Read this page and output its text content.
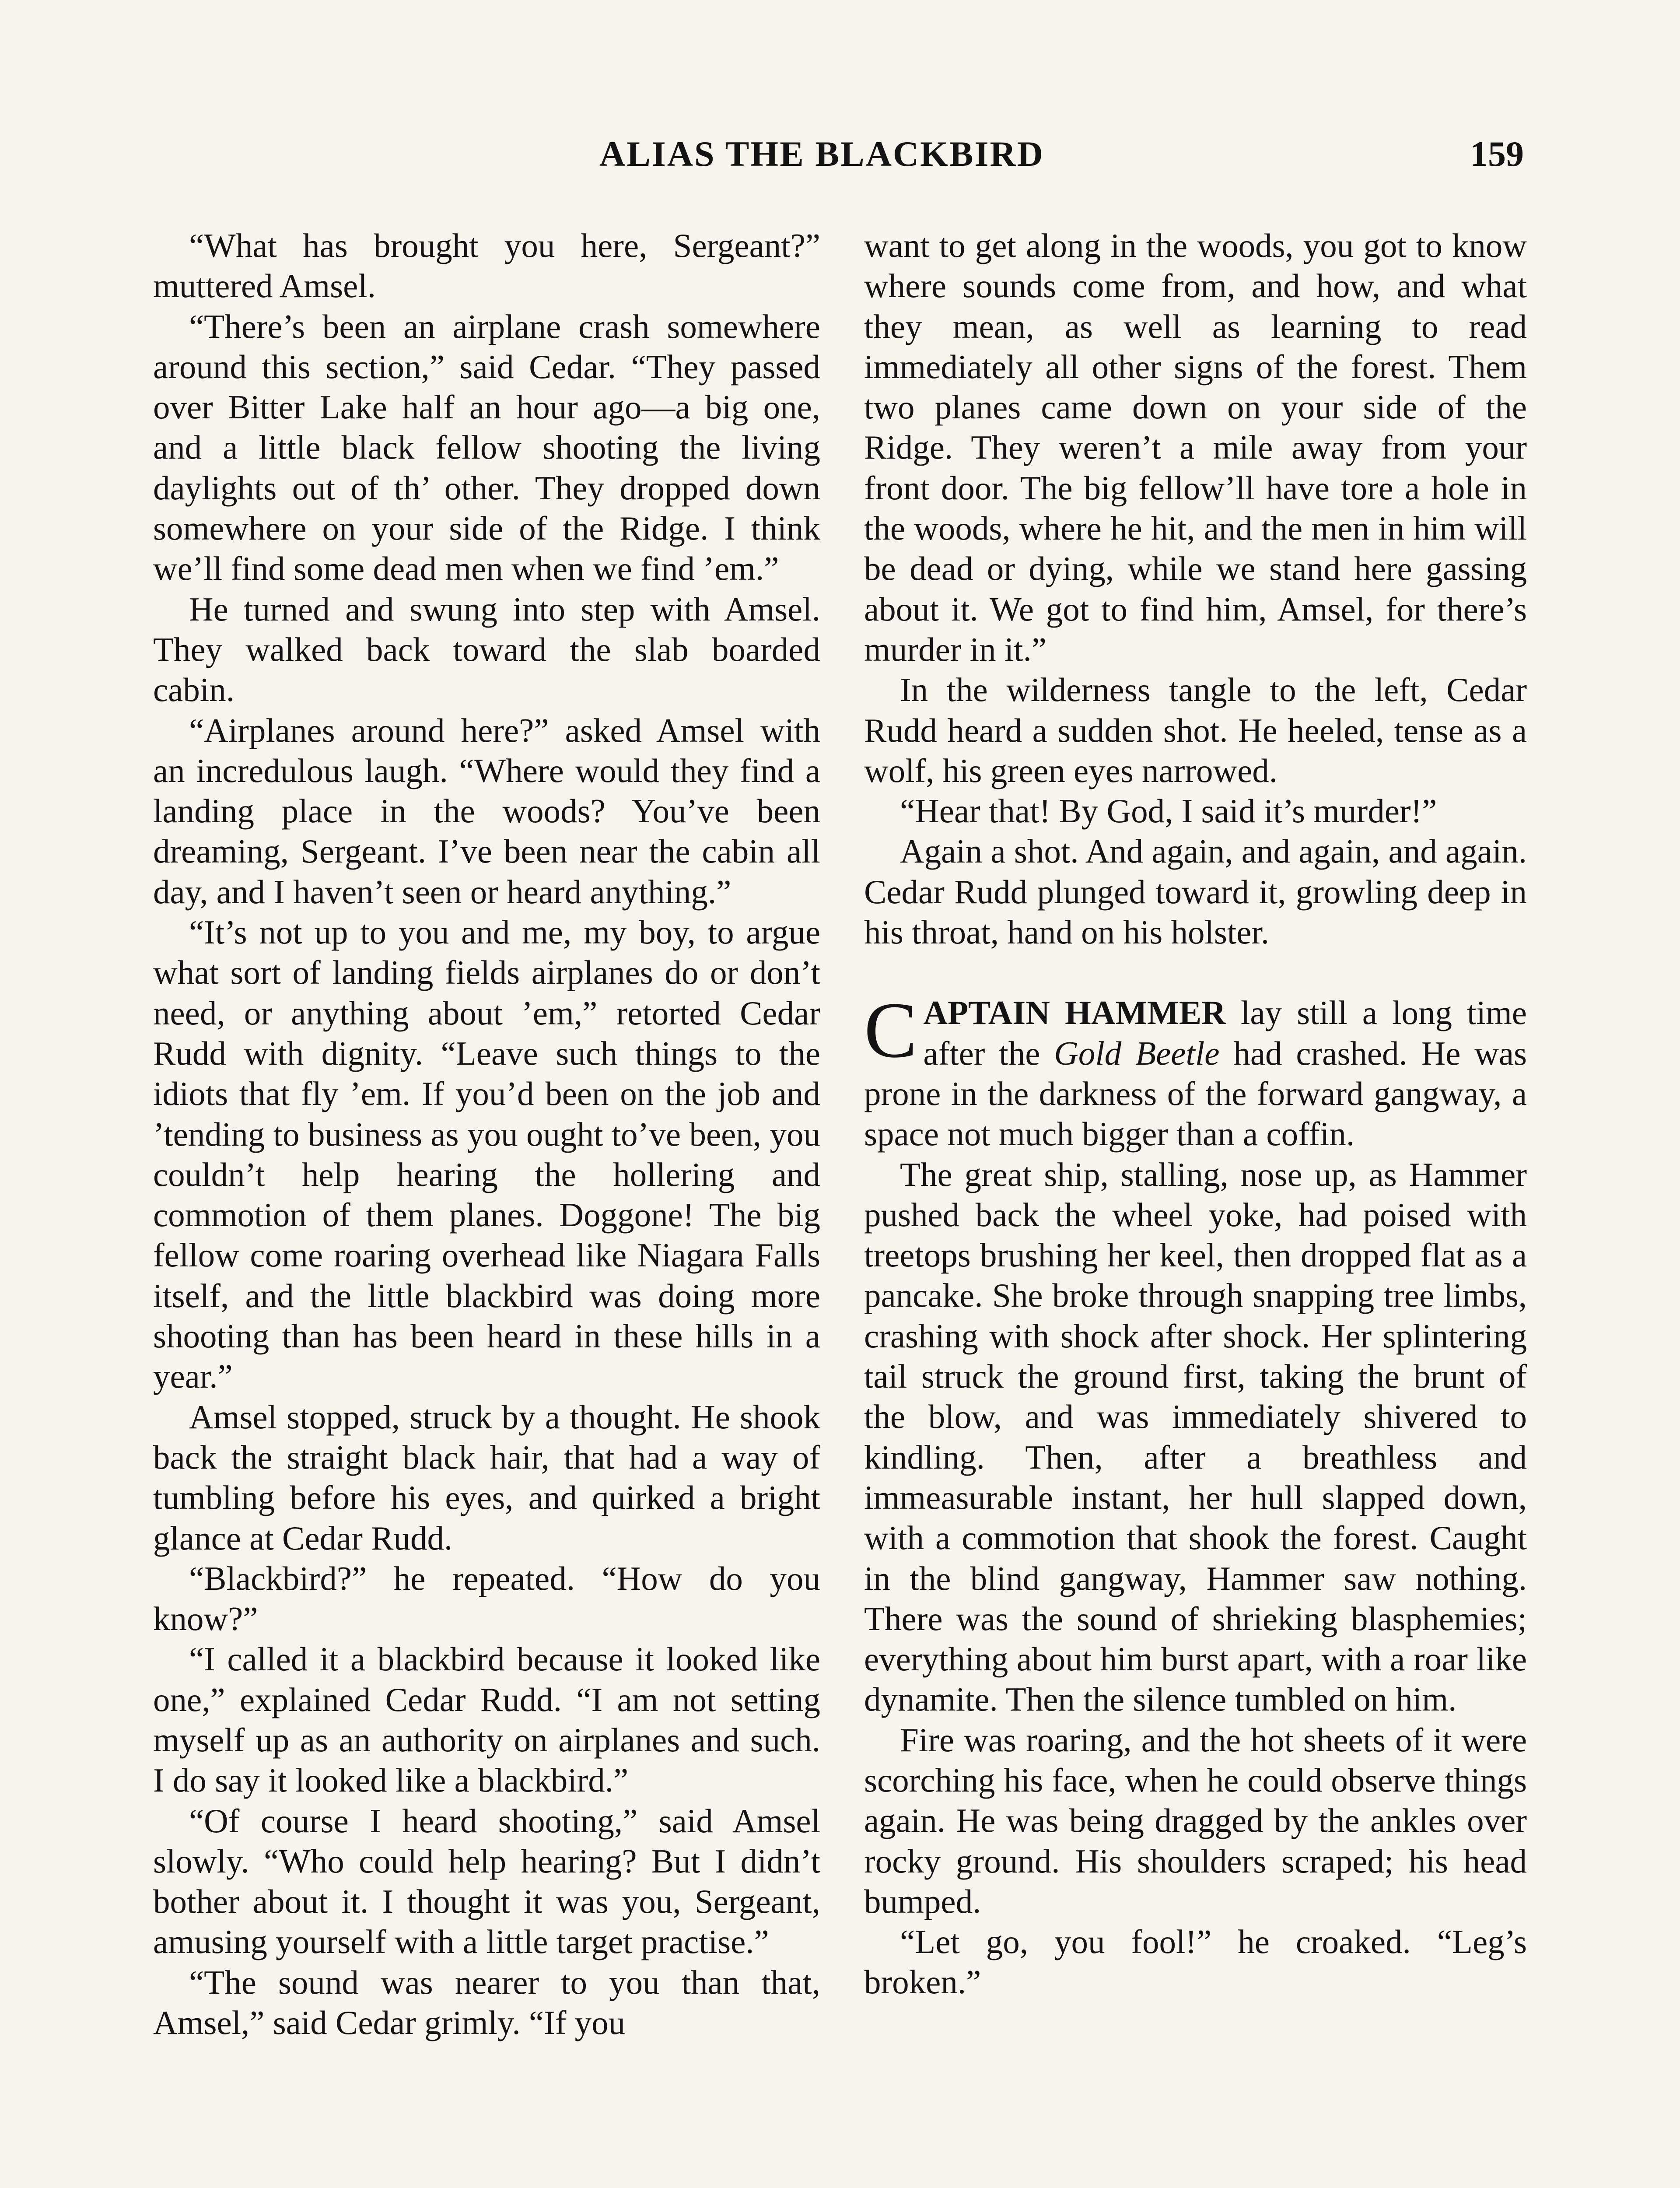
ALIAS THE BLACKBIRD	159

“What has brought you here, Sergeant?” muttered Amsel.

“There’s been an airplane crash somewhere around this section,” said Cedar. “They passed over Bitter Lake half an hour ago—a big one, and a little black fellow shooting the living daylights out of th’ other. They dropped down somewhere on your side of the Ridge. I think we’ll find some dead men when we find ’em.”

He turned and swung into step with Amsel. They walked back toward the slab boarded cabin.

“Airplanes around here?” asked Amsel with an incredulous laugh. “Where would they find a landing place in the woods? You’ve been dreaming, Sergeant. I’ve been near the cabin all day, and I haven’t seen or heard anything.”

“It’s not up to you and me, my boy, to argue what sort of landing fields airplanes do or don’t need, or anything about ’em,” retorted Cedar Rudd with dignity. “Leave such things to the idiots that fly ’em. If you’d been on the job and ’tending to business as you ought to’ve been, you couldn’t help hearing the hollering and commotion of them planes. Doggone! The big fellow come roaring overhead like Niagara Falls itself, and the little blackbird was doing more shooting than has been heard in these hills in a year.”

Amsel stopped, struck by a thought. He shook back the straight black hair, that had a way of tumbling before his eyes, and quirked a bright glance at Cedar Rudd.

“Blackbird?” he repeated. “How do you know?”

“I called it a blackbird because it looked like one,” explained Cedar Rudd. “I am not setting myself up as an authority on airplanes and such. I do say it looked like a blackbird.”

“Of course I heard shooting,” said Amsel slowly. “Who could help hearing? But I didn’t bother about it. I thought it was you, Sergeant, amusing yourself with a little target practise.”

“The sound was nearer to you than that, Amsel,” said Cedar grimly. “If you

want to get along in the woods, you got to know where sounds come from, and how, and what they mean, as well as learning to read immediately all other signs of the forest. Them two planes came down on your side of the Ridge. They weren’t a mile away from your front door. The big fellow’ll have tore a hole in the woods, where he hit, and the men in him will be dead or dying, while we stand here gassing about it. We got to find him, Amsel, for there’s murder in it.”

In the wilderness tangle to the left, Cedar Rudd heard a sudden shot. He heeled, tense as a wolf, his green eyes narrowed.

“Hear that! By God, I said it’s murder!”

Again a shot. And again, and again, and again. Cedar Rudd plunged toward it, growling deep in his throat, hand on his holster.

CAPTAIN HAMMER lay still a long time after the Gold Beetle had crashed. He was prone in the darkness of the forward gangway, a space not much bigger than a coffin.

The great ship, stalling, nose up, as Hammer pushed back the wheel yoke, had poised with treetops brushing her keel, then dropped flat as a pancake. She broke through snapping tree limbs, crashing with shock after shock. Her splintering tail struck the ground first, taking the brunt of the blow, and was immediately shivered to kindling. Then, after a breathless and immeasurable instant, her hull slapped down, with a commotion that shook the forest. Caught in the blind gangway, Hammer saw nothing. There was the sound of shrieking blasphemies; everything about him burst apart, with a roar like dynamite. Then the silence tumbled on him.

Fire was roaring, and the hot sheets of it were scorching his face, when he could observe things again. He was being dragged by the ankles over rocky ground. His shoulders scraped; his head bumped.

“Let go, you fool!” he croaked. “Leg’s broken.”
